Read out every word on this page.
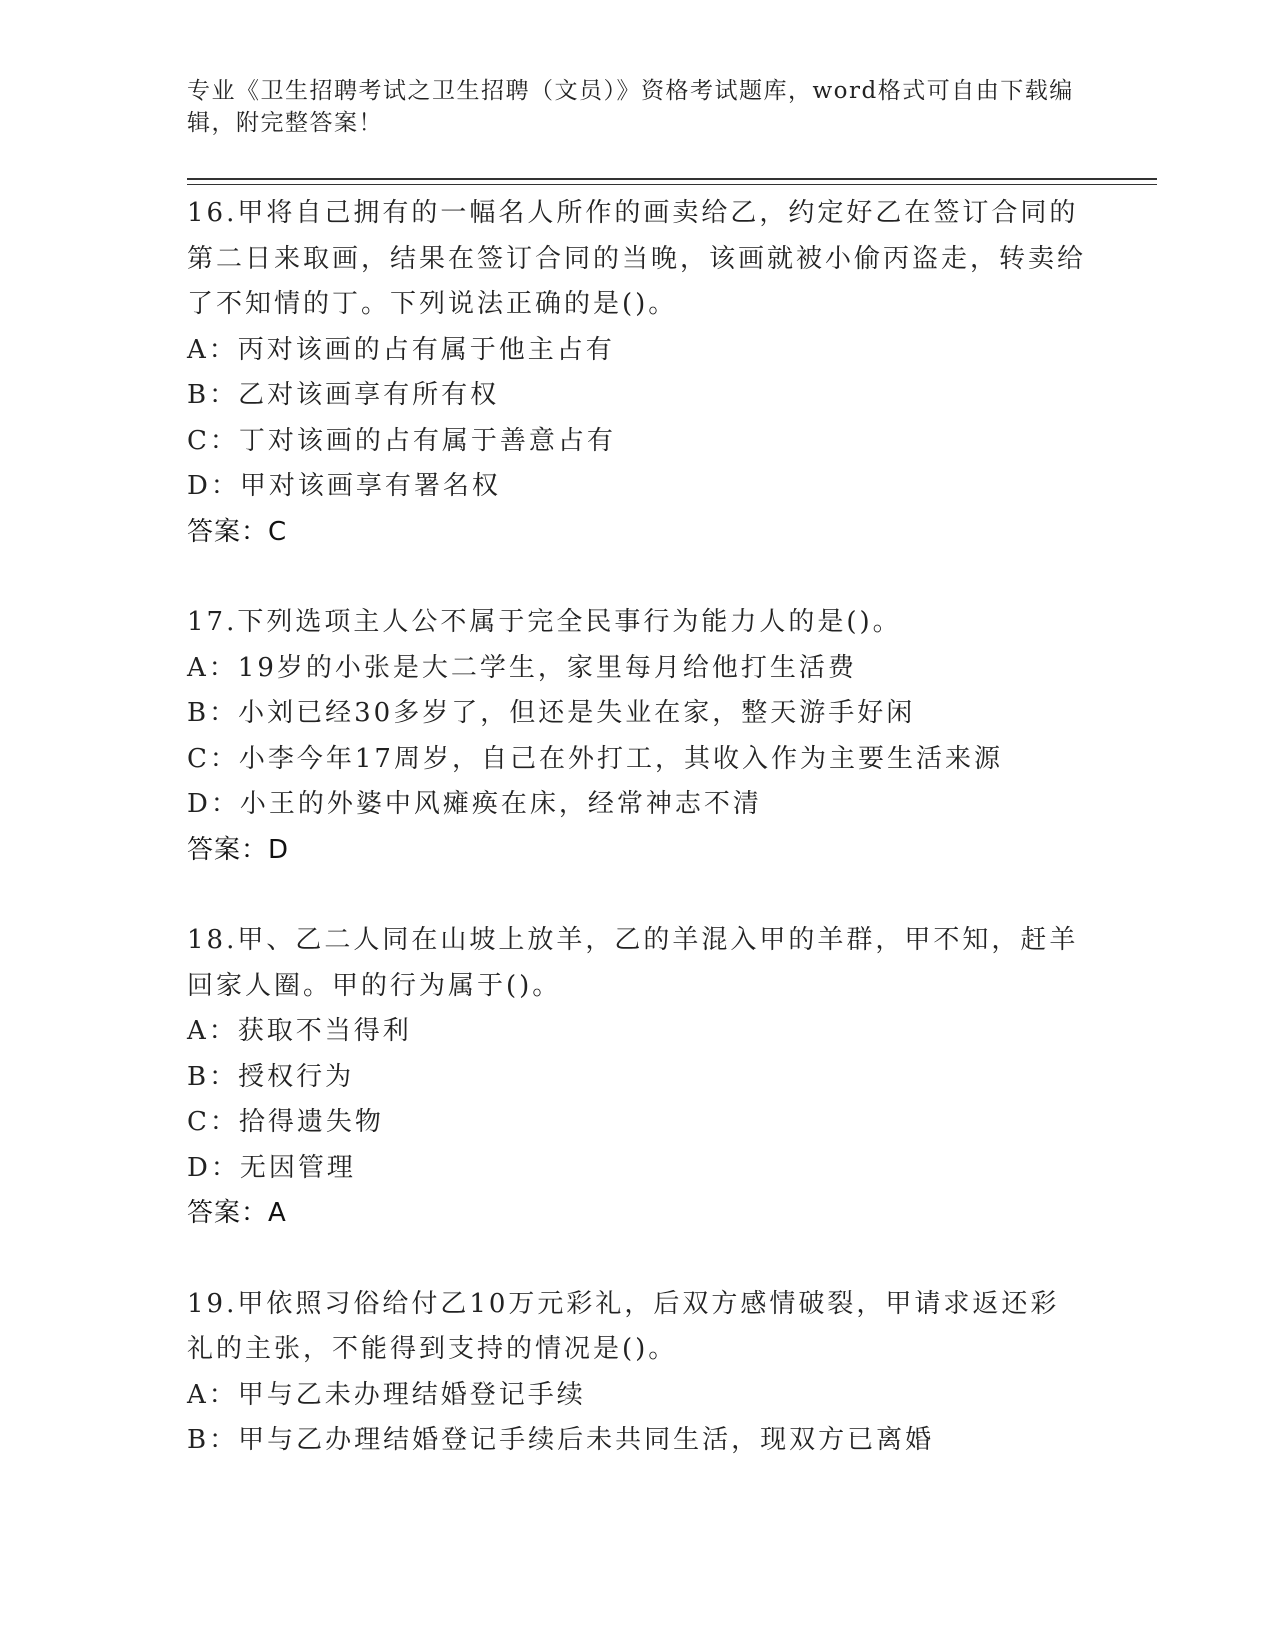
专业《卫生招聘考试之卫生招聘（文员）》资格考试题库，word格式可自由下载编辑，附完整答案！

16.甲将自己拥有的一幅名人所作的画卖给乙，约定好乙在签订合同的第二日来取画，结果在签订合同的当晚，该画就被小偷丙盗走，转卖给了不知情的丁。下列说法正确的是()。

A：丙对该画的占有属于他主占有
B：乙对该画享有所有权
C：丁对该画的占有属于善意占有
D：甲对该画享有署名权
答案：C

17.下列选项主人公不属于完全民事行为能力人的是()。

A：19岁的小张是大二学生，家里每月给他打生活费
B：小刘已经30多岁了，但还是失业在家，整天游手好闲
C：小李今年17周岁，自己在外打工，其收入作为主要生活来源
D：小王的外婆中风瘫痪在床，经常神志不清
答案：D

18.甲、乙二人同在山坡上放羊，乙的羊混入甲的羊群，甲不知，赶羊回家人圈。甲的行为属于()。

A：获取不当得利
B：授权行为
C：拾得遗失物
D：无因管理
答案：A

19.甲依照习俗给付乙10万元彩礼，后双方感情破裂，甲请求返还彩礼的主张，不能得到支持的情况是()。

A：甲与乙未办理结婚登记手续
B：甲与乙办理结婚登记手续后未共同生活，现双方已离婚
